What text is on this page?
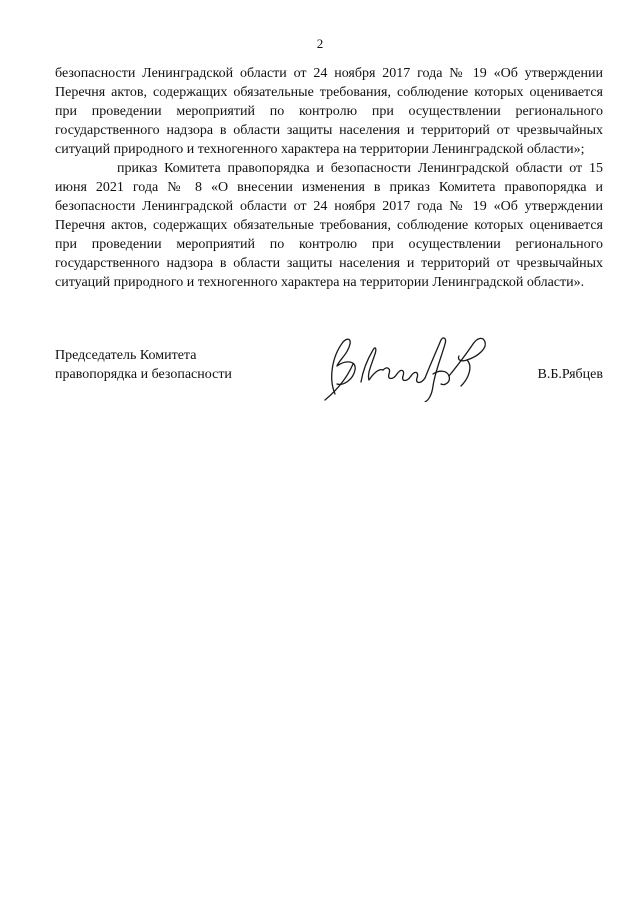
2

безопасности Ленинградской области от 24 ноября 2017 года № 19 «Об утверждении Перечня актов, содержащих обязательные требования, соблюдение которых оценивается при проведении мероприятий по контролю при осуществлении регионального государственного надзора в области защиты населения и территорий от чрезвычайных ситуаций природного и техногенного характера на территории Ленинградской области»;

приказ Комитета правопорядка и безопасности Ленинградской области от 15 июня 2021 года № 8 «О внесении изменения в приказ Комитета правопорядка и безопасности Ленинградской области от 24 ноября 2017 года № 19 «Об утверждении Перечня актов, содержащих обязательные требования, соблюдение которых оценивается при проведении мероприятий по контролю при осуществлении регионального государственного надзора в области защиты населения и территорий от чрезвычайных ситуаций природного и техногенного характера на территории Ленинградской области».

Председатель Комитета
правопорядка и безопасности	В.Б.Рябцев
